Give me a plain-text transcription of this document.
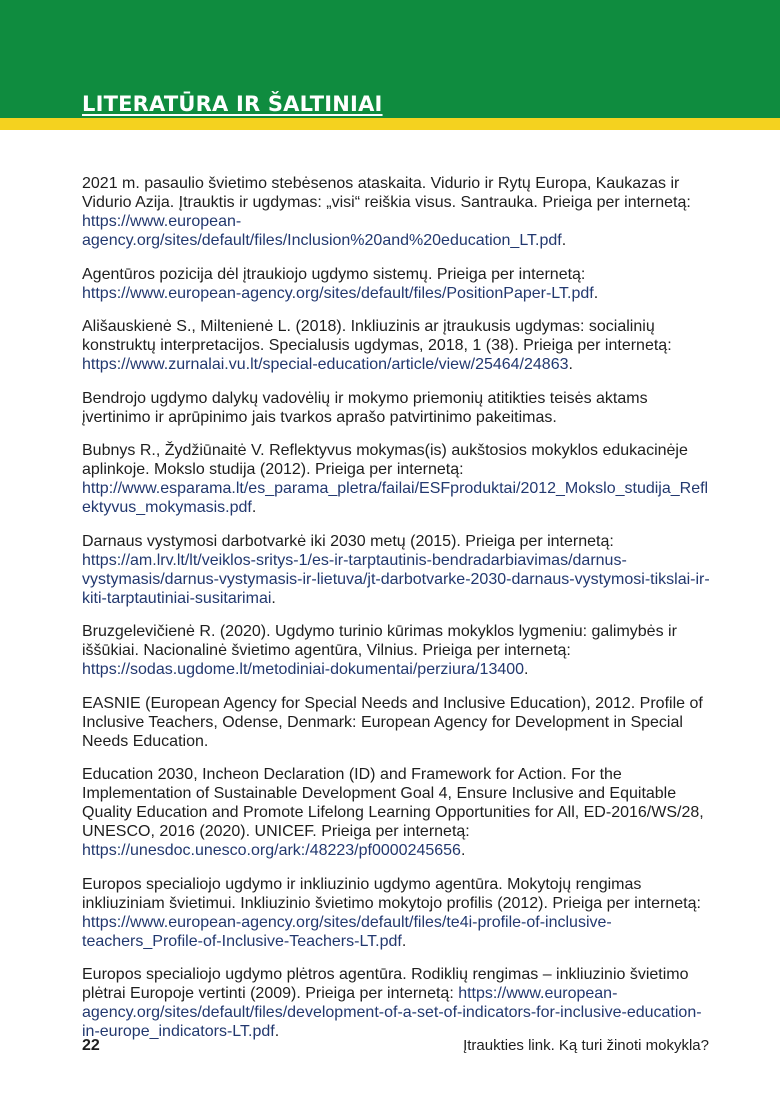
LITERATŪRA IR ŠALTINIAI

2021 m. pasaulio švietimo stebėsenos ataskaita. Vidurio ir Rytų Europa, Kaukazas ir Vidurio Azija. Įtrauktis ir ugdymas: „visi“ reiškia visus. Santrauka. Prieiga per internetą: https://www.european-agency.org/sites/default/files/Inclusion%20and%20education_LT.pdf.

Agentūros pozicija dėl įtraukiojo ugdymo sistemų. Prieiga per internetą: https://www.european-agency.org/sites/default/files/PositionPaper-LT.pdf.

Ališauskienė S., Miltenienė L. (2018). Inkliuzinis ar įtraukusis ugdymas: socialinių konstruktų interpretacijos. Specialusis ugdymas, 2018, 1 (38). Prieiga per internetą: https://www.zurnalai.vu.lt/special-education/article/view/25464/24863.

Bendrojo ugdymo dalykų vadovėlių ir mokymo priemonių atitikties teisės aktams įvertinimo ir aprūpinimo jais tvarkos aprašo patvirtinimo pakeitimas.

Bubnys R., Žydžiūnaitė V. Reflektyvus mokymas(is) aukštosios mokyklos edukacinėje aplinkoje. Mokslo studija (2012). Prieiga per internetą: http://www.esparama.lt/es_parama_pletra/failai/ESFproduktai/2012_Mokslo_studija_Reflektyvus_mokymasis.pdf.

Darnaus vystymosi darbotvarkė iki 2030 metų (2015). Prieiga per internetą: https://am.lrv.lt/lt/veiklos-sritys-1/es-ir-tarptautinis-bendradarbiavimas/darnus-vystymasis/darnus-vystymasis-ir-lietuva/jt-darbotvarke-2030-darnaus-vystymosi-tikslai-ir-kiti-tarptautiniai-susitarimai.

Bruzgelevičienė R. (2020). Ugdymo turinio kūrimas mokyklos lygmeniu: galimybės ir iššūkiai. Nacionalinė švietimo agentūra, Vilnius. Prieiga per internetą: https://sodas.ugdome.lt/metodiniai-dokumentai/perziura/13400.

EASNIE (European Agency for Special Needs and Inclusive Education), 2012. Profile of Inclusive Teachers, Odense, Denmark: European Agency for Development in Special Needs Education.

Education 2030, Incheon Declaration (ID) and Framework for Action. For the Implementation of Sustainable Development Goal 4, Ensure Inclusive and Equitable Quality Education and Promote Lifelong Learning Opportunities for All, ED-2016/WS/28, UNESCO, 2016 (2020). UNICEF. Prieiga per internetą: https://unesdoc.unesco.org/ark:/48223/pf0000245656.

Europos specialiojo ugdymo ir inkliuzinio ugdymo agentūra. Mokytojų rengimas inkliuziniam švietimui. Inkliuzinio švietimo mokytojo profilis (2012). Prieiga per internetą: https://www.european-agency.org/sites/default/files/te4i-profile-of-inclusive-teachers_Profile-of-Inclusive-Teachers-LT.pdf.

Europos specialiojo ugdymo plėtros agentūra. Rodiklių rengimas – inkliuzinio švietimo plėtrai Europoje vertinti (2009). Prieiga per internetą: https://www.european-agency.org/sites/default/files/development-of-a-set-of-indicators-for-inclusive-education-in-europe_indicators-LT.pdf.

22	Įtraukties link. Ką turi žinoti mokykla?
